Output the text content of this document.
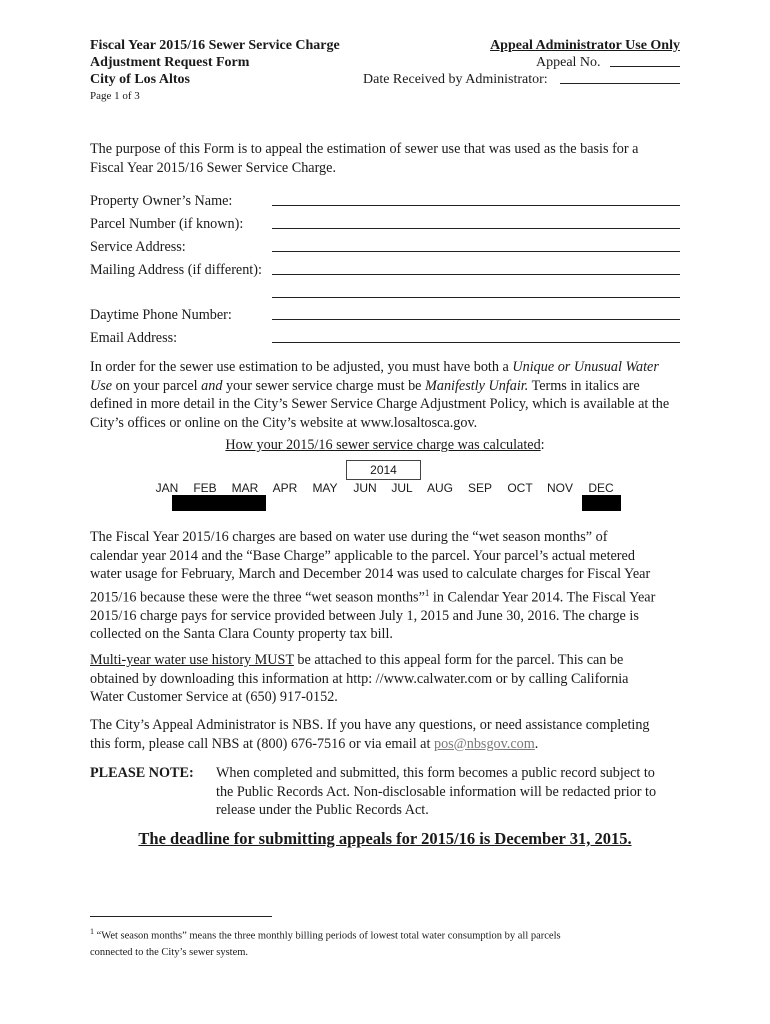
Fiscal Year 2015/16 Sewer Service Charge
Adjustment Request Form
City of Los Altos
Page 1 of 3
Appeal Administrator Use Only
Appeal No.
Date Received by Administrator:
The purpose of this Form is to appeal the estimation of sewer use that was used as the basis for a
Fiscal Year 2015/16 Sewer Service Charge.
Property Owner’s Name:
Parcel Number (if known):
Service Address:
Mailing Address (if different):
Daytime Phone Number:
Email Address:
In order for the sewer use estimation to be adjusted, you must have both a Unique or Unusual Water
Use on your parcel and your sewer service charge must be Manifestly Unfair. Terms in italics are
defined in more detail in the City’s Sewer Service Charge Adjustment Policy, which is available at the
City’s offices or online on the City’s website at www.losaltosca.gov.
How your 2015/16 sewer service charge was calculated:
2014
JAN	FEB	MAR	APR	MAY	JUN	JUL	AUG	SEP	OCT	NOV	DEC
The Fiscal Year 2015/16 charges are based on water use during the “wet season months” of
calendar year 2014 and the “Base Charge” applicable to the parcel. Your parcel’s actual metered
water usage for February, March and December 2014 was used to calculate charges for Fiscal Year
2015/16 because these were the three “wet season months”$^1$ in Calendar Year 2014. The Fiscal Year
2015/16 charge pays for service provided between July 1, 2015 and June 30, 2016. The charge is
collected on the Santa Clara County property tax bill.
Multi-year water use history MUST be attached to this appeal form for the parcel. This can be
obtained by downloading this information at http: //www.calwater.com or by calling California
Water Customer Service at (650) 917-0152.
The City’s Appeal Administrator is NBS. If you have any questions, or need assistance completing
this form, please call NBS at (800) 676-7516 or via email at pos@nbsgov.com.
PLEASE NOTE: When completed and submitted, this form becomes a public record subject to
the Public Records Act. Non-disclosable information will be redacted prior to
release under the Public Records Act.
The deadline for submitting appeals for 2015/16 is December 31, 2015.
$^1$ “Wet season months” means the three monthly billing periods of lowest total water consumption by all parcels
connected to the City’s sewer system.
